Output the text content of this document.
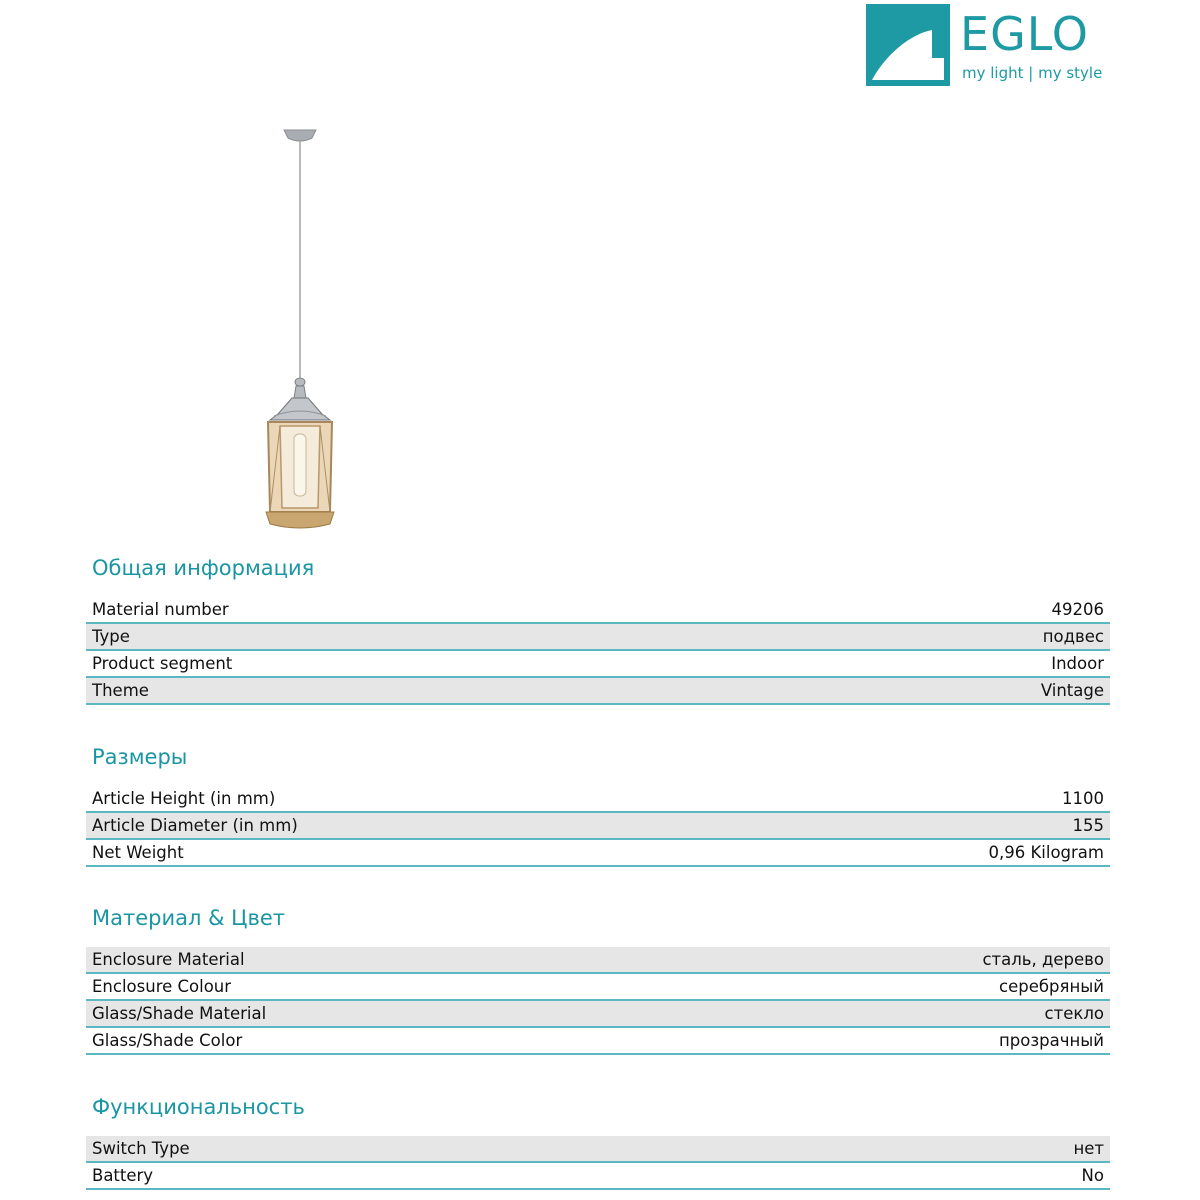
EGLO
my light | my style
Общая информация
Material number	49206
Type	подвес
Product segment	Indoor
Theme	Vintage
Размеры
Article Height (in mm)	1100
Article Diameter (in mm)	155
Net Weight	0,96 Kilogram
Материал & Цвет
Enclosure Material	сталь, дерево
Enclosure Colour	серебряный
Glass/Shade Material	стекло
Glass/Shade Color	прозрачный
Функциональность
Switch Type	нет
Battery	No
